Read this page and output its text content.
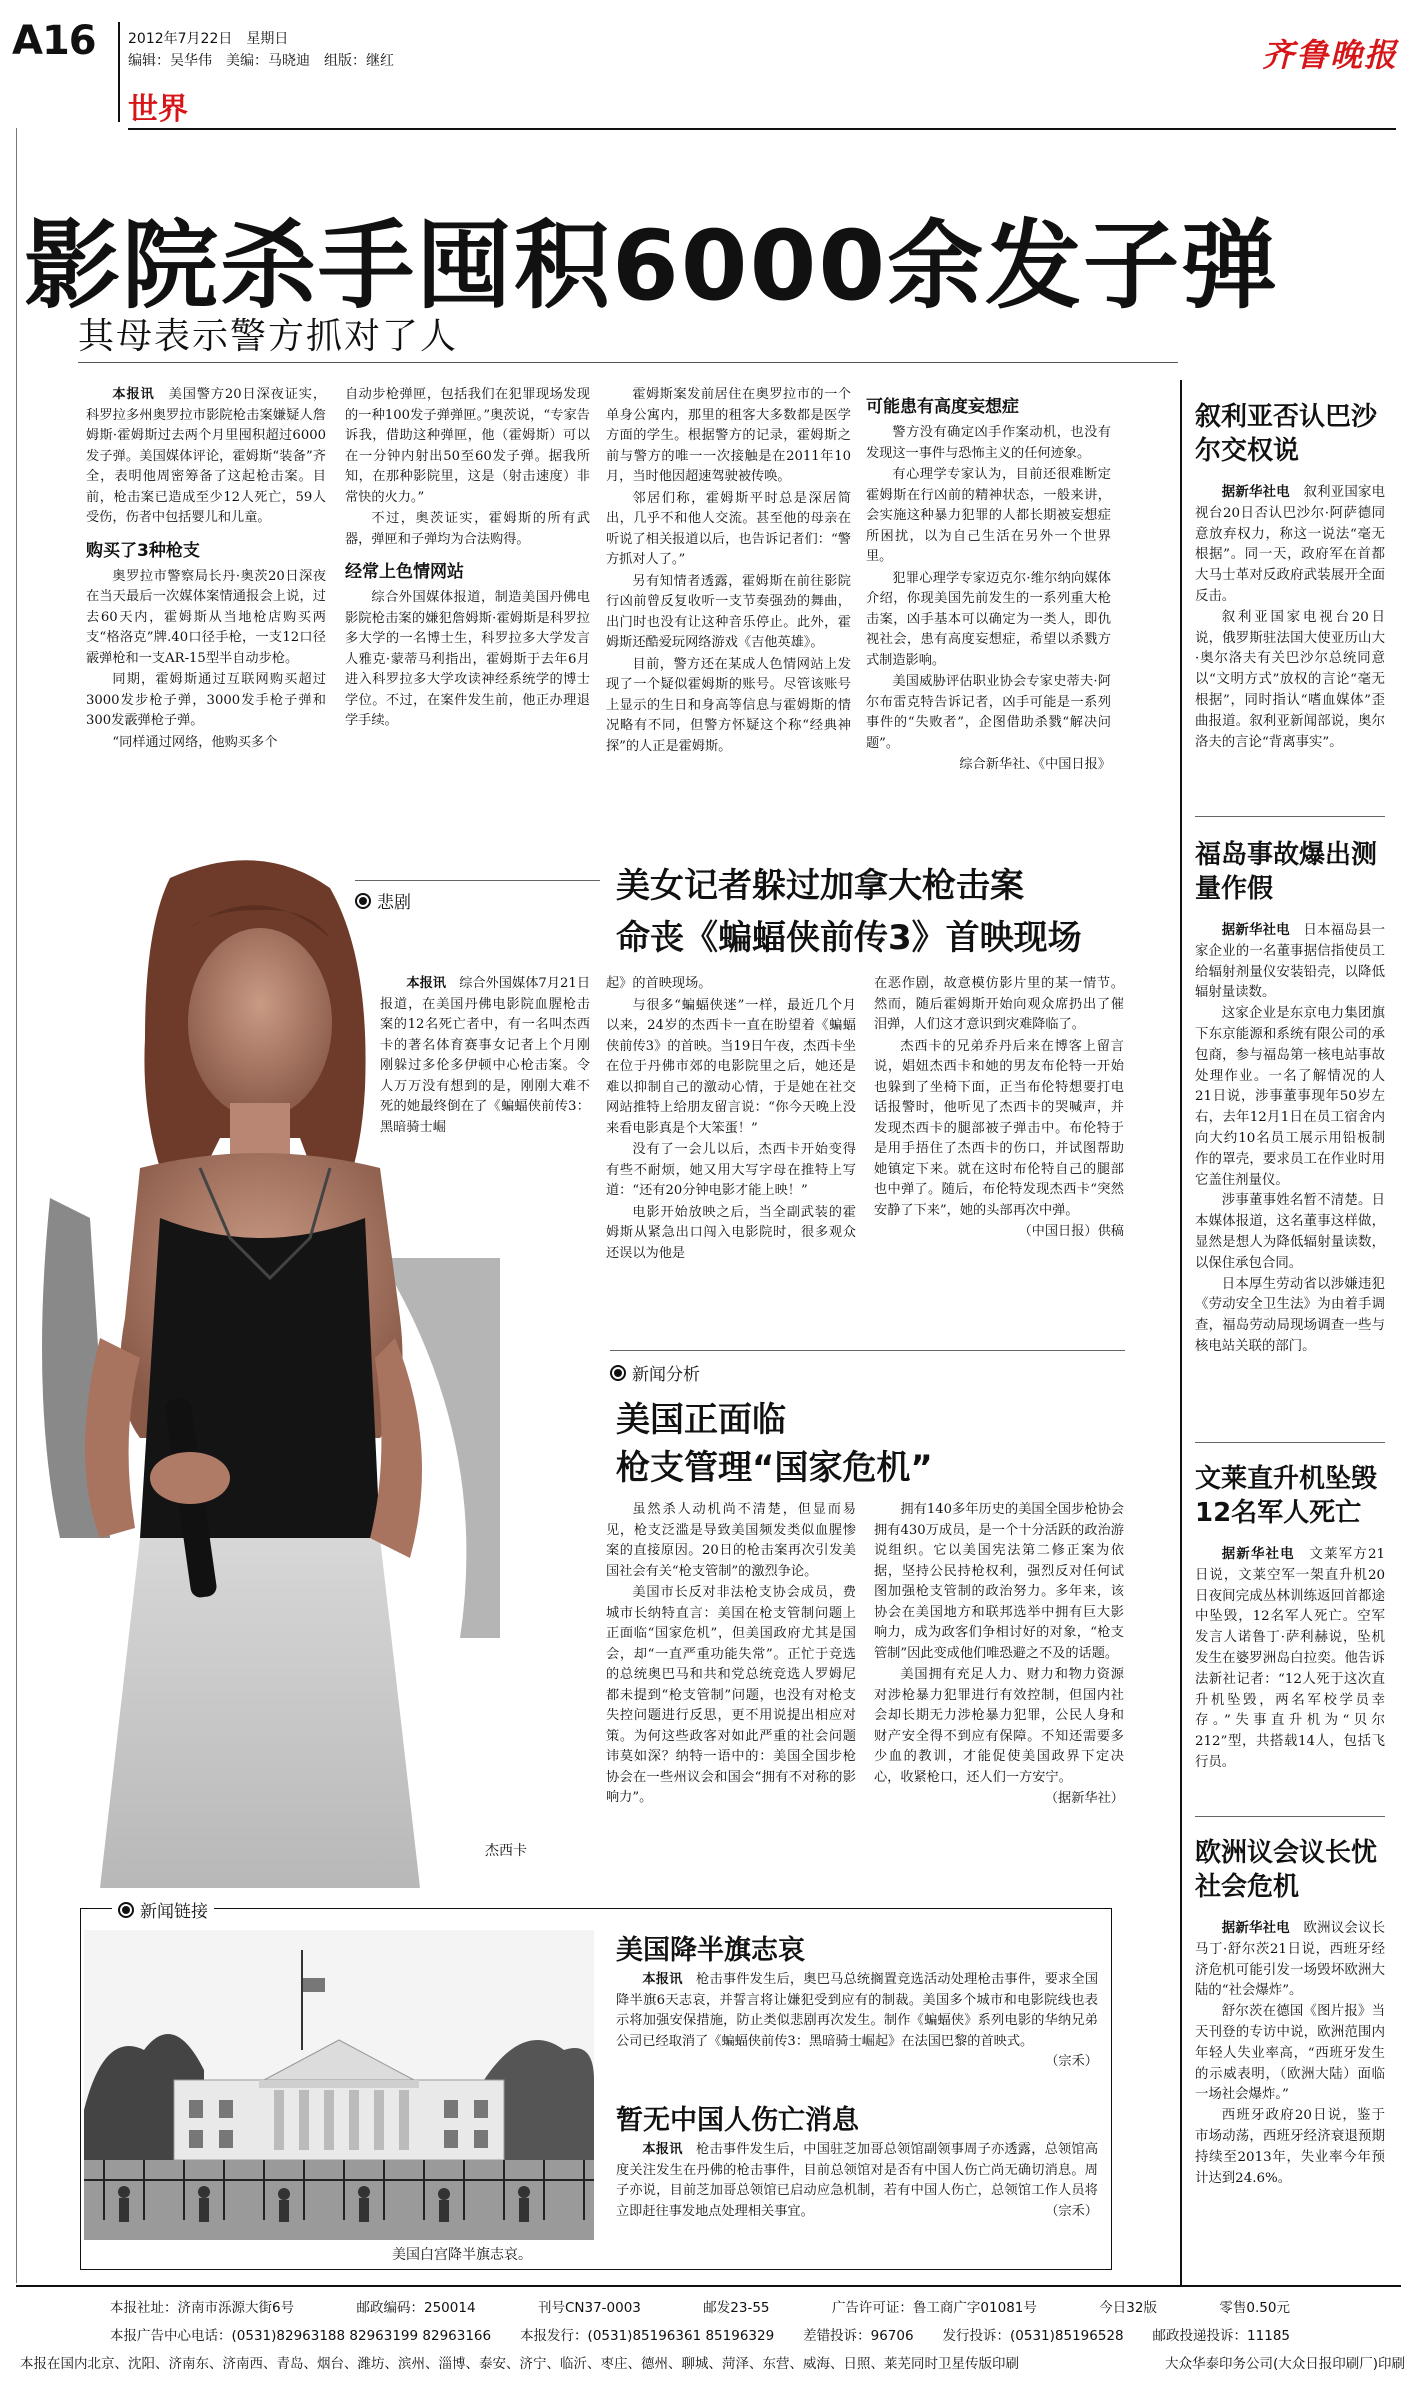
A16 2012年7月22日　星期日
编辑：吴华伟　美编：马晓迪　组版：继红
世界
齐鲁晚报
影院杀手囤积6000余发子弹
其母表示警方抓对了人

本报讯　 美国警方20日深夜证实，科罗拉多州奥罗拉市影院枪击案嫌疑人詹姆斯·霍姆斯过去两个月里囤积超过6000发子弹。美国媒体评论，霍姆斯“装备”齐全，表明他周密筹备了这起枪击案。目前，枪击案已造成至少12人死亡，59人受伤，伤者中包括婴儿和儿童。

购买了3种枪支

奥罗拉市警察局长丹·奥茨20日深夜在当天最后一次媒体案情通报会上说，过去60天内，霍姆斯从当地枪店购买两支“格洛克”牌.40口径手枪，一支12口径霰弹枪和一支AR-15型半自动步枪。

同期，霍姆斯通过互联网购买超过3000发步枪子弹，3000发手枪子弹和300发霰弹枪子弹。

“同样通过网络，他购买多个

自动步枪弹匣，包括我们在犯罪现场发现的一种100发子弹弹匣。”奥茨说，“专家告诉我，借助这种弹匣，他（霍姆斯）可以在一分钟内射出50至60发子弹。据我所知，在那种影院里，这是（射击速度）非常快的火力。”

不过，奥茨证实，霍姆斯的所有武器，弹匣和子弹均为合法购得。

经常上色情网站

综合外国媒体报道，制造美国丹佛电影院枪击案的嫌犯詹姆斯·霍姆斯是科罗拉多大学的一名博士生，科罗拉多大学发言人雅克·蒙蒂马利指出，霍姆斯于去年6月进入科罗拉多大学攻读神经系统学的博士学位。不过，在案件发生前，他正办理退学手续。

霍姆斯案发前居住在奥罗拉市的一个单身公寓内，那里的租客大多数都是医学方面的学生。根据警方的记录，霍姆斯之前与警方的唯一一次接触是在2011年10月，当时他因超速驾驶被传唤。

邻居们称，霍姆斯平时总是深居简出，几乎不和他人交流。甚至他的母亲在听说了相关报道以后，也告诉记者们：“警方抓对人了。”

另有知情者透露，霍姆斯在前往影院行凶前曾反复收听一支节奏强劲的舞曲，出门时也没有让这种音乐停止。此外，霍姆斯还酷爱玩网络游戏《吉他英雄》。

目前，警方还在某成人色情网站上发现了一个疑似霍姆斯的账号。尽管该账号上显示的生日和身高等信息与霍姆斯的情况略有不同，但警方怀疑这个称“经典神探”的人正是霍姆斯。

可能患有高度妄想症

警方没有确定凶手作案动机，也没有发现这一事件与恐怖主义的任何迹象。

有心理学专家认为，目前还很难断定霍姆斯在行凶前的精神状态，一般来讲，会实施这种暴力犯罪的人都长期被妄想症所困扰，以为自己生活在另外一个世界里。

犯罪心理学专家迈克尔·维尔纳向媒体介绍，你现美国先前发生的一系列重大枪击案，凶手基本可以确定为一类人，即仇视社会，患有高度妄想症，希望以杀戮方式制造影响。

美国威胁评估职业协会专家史蒂夫·阿尔布雷克特告诉记者，凶手可能是一系列事件的“失败者”，企图借助杀戮“解决问题”。

综合新华社、《中国日报》

杰西卡
悲剧	美女记者躲过加拿大枪击案
命丧《蝙蝠侠前传3》首映现场

本报讯　 综合外国媒体7月21日报道，在美国丹佛电影院血腥枪击案的12名死亡者中，有一名叫杰西卡的著名体育赛事女记者上个月刚刚躲过多伦多伊顿中心枪击案。令人万万没有想到的是，刚刚大难不死的她最终倒在了《蝙蝠侠前传3：黑暗骑士崛

起》的首映现场。

与很多“蝙蝠侠迷”一样，最近几个月以来，24岁的杰西卡一直在盼望着《蝙蝠侠前传3》的首映。当19日午夜，杰西卡坐在位于丹佛市郊的电影院里之后，她还是难以抑制自己的激动心情，于是她在社交网站推特上给朋友留言说：“你今天晚上没来看电影真是个大笨蛋！”

没有了一会儿以后，杰西卡开始变得有些不耐烦，她又用大写字母在推特上写道：“还有20分钟电影才能上映！”

电影开始放映之后，当全副武装的霍姆斯从紧急出口闯入电影院时，很多观众还误以为他是

在恶作剧，故意模仿影片里的某一情节。然而，随后霍姆斯开始向观众席扔出了催泪弹，人们这才意识到灾难降临了。

杰西卡的兄弟乔丹后来在博客上留言说，娼妞杰西卡和她的男友布伦特一开始也躲到了坐椅下面，正当布伦特想要打电话报警时，他听见了杰西卡的哭喊声，并发现杰西卡的腿部被子弹击中。布伦特于是用手捂住了杰西卡的伤口，并试图帮助她镇定下来。就在这时布伦特自己的腿部也中弹了。随后，布伦特发现杰西卡“突然安静了下来”，她的头部再次中弹。

（中国日报）供稿

新闻分析
美国正面临
枪支管理“国家危机”

虽然杀人动机尚不清楚，但显而易见，枪支泛滥是导致美国频发类似血腥惨案的直接原因。20日的枪击案再次引发美国社会有关“枪支管制”的激烈争论。

美国市长反对非法枪支协会成员，费城市长纳特直言：美国在枪支管制问题上正面临“国家危机”，但美国政府尤其是国会，却“一直严重功能失常”。正忙于竞选的总统奥巴马和共和党总统竞选人罗姆尼都未提到“枪支管制”问题，也没有对枪支失控问题进行反思，更不用说提出相应对策。为何这些政客对如此严重的社会问题讳莫如深？纳特一语中的：美国全国步枪协会在一些州议会和国会“拥有不对称的影响力”。

拥有140多年历史的美国全国步枪协会拥有430万成员，是一个十分活跃的政治游说组织。它以美国宪法第二修正案为依据，坚持公民持枪权利，强烈反对任何试图加强枪支管制的政治努力。多年来，该协会在美国地方和联邦选举中拥有巨大影响力，成为政客们争相讨好的对象，“枪支管制”因此变成他们唯恐避之不及的话题。

美国拥有充足人力、财力和物力资源对涉枪暴力犯罪进行有效控制，但国内社会却长期无力涉枪暴力犯罪，公民人身和财产安全得不到应有保障。不知还需要多少血的教训，才能促使美国政界下定决心，收紧枪口，还人们一方安宁。

（据新华社）

新闻链接
美国白宫降半旗志哀。
美国降半旗志哀

本报讯　 枪击事件发生后，奥巴马总统搁置竞选活动处理枪击事件，要求全国降半旗6天志哀，并誓言将让嫌犯受到应有的制裁。美国多个城市和电影院线也表示将加强安保措施，防止类似悲剧再次发生。制作《蝙蝠侠》系列电影的华纳兄弟公司已经取消了《蝙蝠侠前传3：黑暗骑士崛起》在法国巴黎的首映式。
（宗禾）

暂无中国人伤亡消息

本报讯　 枪击事件发生后，中国驻芝加哥总领馆副领事周子亦透露，总领馆高度关注发生在丹佛的枪击事件，目前总领馆对是否有中国人伤亡尚无确切消息。周子亦说，目前芝加哥总领馆已启动应急机制，若有中国人伤亡，总领馆工作人员将立即赶往事发地点处理相关事宜。	（宗禾）

叙利亚否认巴沙尔交权说

据新华社电　 叙利亚国家电视台20日否认巴沙尔·阿萨德同意放弃权力，称这一说法“毫无根据”。同一天，政府军在首都大马士革对反政府武装展开全面反击。

叙利亚国家电视台20日说，俄罗斯驻法国大使亚历山大·奥尔洛夫有关巴沙尔总统同意以“文明方式”放权的言论“毫无根据”，同时指认“嗜血媒体”歪曲报道。叙利亚新闻部说，奥尔洛夫的言论“背离事实”。

福岛事故爆出测量作假

据新华社电　 日本福岛县一家企业的一名董事据信指使员工给辐射剂量仪安装铅壳，以降低辐射量读数。

这家企业是东京电力集团旗下东京能源和系统有限公司的承包商，参与福岛第一核电站事故处理作业。一名了解情况的人21日说，涉事董事现年50岁左右，去年12月1日在员工宿舍内向大约10名员工展示用铅板制作的罩壳，要求员工在作业时用它盖住剂量仪。

涉事董事姓名暂不清楚。日本媒体报道，这名董事这样做，显然是想人为降低辐射量读数，以保住承包合同。

日本厚生劳动省以涉嫌违犯《劳动安全卫生法》为由着手调查，福岛劳动局现场调查一些与核电站关联的部门。

文莱直升机坠毁12名军人死亡

据新华社电　 文莱军方21日说，文莱空军一架直升机20日夜间完成丛林训练返回首都途中坠毁，12名军人死亡。空军发言人诺鲁丁·萨利赫说，坠机发生在婆罗洲岛白拉奕。他告诉法新社记者：“12人死于这次直升机坠毁，两名军校学员幸存。”失事直升机为“贝尔212”型，共搭载14人，包括飞行员。

欧洲议会议长忧社会危机

据新华社电　 欧洲议会议长马丁·舒尔茨21日说，西班牙经济危机可能引发一场毁坏欧洲大陆的“社会爆炸”。

舒尔茨在德国《图片报》当天刊登的专访中说，欧洲范围内年轻人失业率高，“西班牙发生的示威表明，（欧洲大陆）面临一场社会爆炸。”

西班牙政府20日说，鉴于市场动荡，西班牙经济衰退预期持续至2013年，失业率今年预计达到24.6%。

本报社址：济南市泺源大街6号	邮政编码：250014	刊号CN37-0003	邮发23-55	广告许可证：鲁工商广字01081号	今日32版	零售0.50元
本报广告中心电话：(0531)82963188 82963199 82963166 本报发行：(0531)85196361 85196329 差错投诉：96706 发行投诉：(0531)85196528 邮政投递投诉：11185
本报在国内北京、沈阳、济南东、济南西、青岛、烟台、潍坊、滨州、淄博、泰安、济宁、临沂、枣庄、德州、聊城、菏泽、东营、威海、日照、莱芜同时卫星传版印刷	大众华泰印务公司(大众日报印刷厂)印刷
